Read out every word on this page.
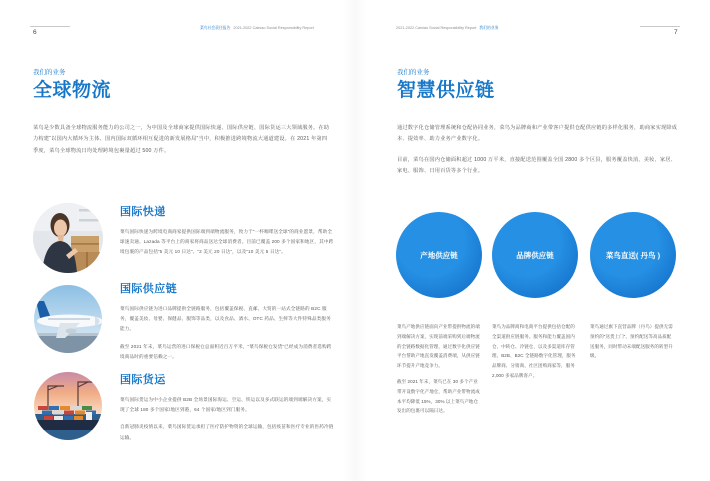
6
菜鸟社会责任报告 2021-2022 Cainiao Social Responsibility Report
我们的业务
全球物流

菜鸟是少数具备全球物流服务能力的公司之一，为中国及全球商家提供国际快递、国际供应链、国际货运三大领域服务。在助力构建“以国内大循环为主体、国内国际双循环相互促进的新发展格局”当中，积极推进跨境物流大通道建设。在 2021 年第四季度，菜鸟全球物流日均处理跨境包裹量超过 500 万件。

国际快递

菜鸟国际快递为跨境电商商家提供国际端到端物流服务，致力于“一杯咖啡送全球”的商业愿景，帮助全球速卖通、Lazada 等平台上的商家将商品送达全球消费者。目前已覆盖 200 多个国家和地区，其中跨境包裹的产品包括“5 美元 10 日达”、“2 美元 20 日达”，以及“10 美元 5 日达”。

国际供应链

菜鸟国际供应链为进口品牌提供全链路服务，包括覆盖保税、直邮、大贸的一站式全链路的 B2C 服务，覆盖美妆、母婴、保健品、服饰等品类，以及食品、酒水、OTC 药品、生鲜等大件特殊品类服务能力。

截至 2021 年末，菜鸟运营的进口保税仓总面积近百万平米，“菜鸟保税仓发货”已经成为消费者选购跨境商品时的重要信赖之一。

国际货运

菜鸟国际货运为中小企业提供 B2B 全场景国际海运、空运、铁运以及多式联运的端到端解决方案，实现了全球 180 多个国家/地区到港，64 个国家/地区到门服务。

自新冠肺炎疫情以来，菜鸟国际货运承担了医疗防护物资的全球运输，包括疫苗和医疗专业的医药冷链运输。

2021-2022 Cainiao Social Responsibility Report 我们的业务
7
我们的业务
智慧供应链

通过数字化仓储管理系统和仓配协同业务，菜鸟为品牌商和产业带客户提供仓配供应链的多样化服务，助商家实现降成本、提效率、助力业务产业数字化。

目前，菜鸟在国内仓储面积超过 1000 万平米，直接配送范围覆盖全国 2800 多个区县，服务覆盖快消、美妆、家居、家电、服饰、日用百货等多个行业。

产地供应链	品牌供应链	菜鸟直送( 丹鸟 )

菜鸟产地供应链面向产业带提供物流的端到端解决方案，实现前端采购到后端物流的全链路数据化管理，通过数字化供应链平台帮助产地直发覆盖消费端，从供应链环节提升产地竞争力。

截至 2021 年末，菜鸟已在 30 多个产业带开设数字化产地仓，帮助产业带物流成本平均降低 15%，30% 以上菜鸟产地仓发出的包裹可以隔日达。

菜鸟为品牌商和电商平台提供包括仓配的全渠道供应链服务。服务和能力覆盖国内仓、中转仓、冷链仓，以及多渠道库存管理、B2B、B2C 全链路数字化管理，服务品牌商、分销商、社区团购商家等，服务 2,000 多家品牌客户。

菜鸟通过旗下直营品牌（丹鸟）提供无需预约的“送货上门”、预约配送等高品质配送服务，同时带动末端配送服务的转型升级。
